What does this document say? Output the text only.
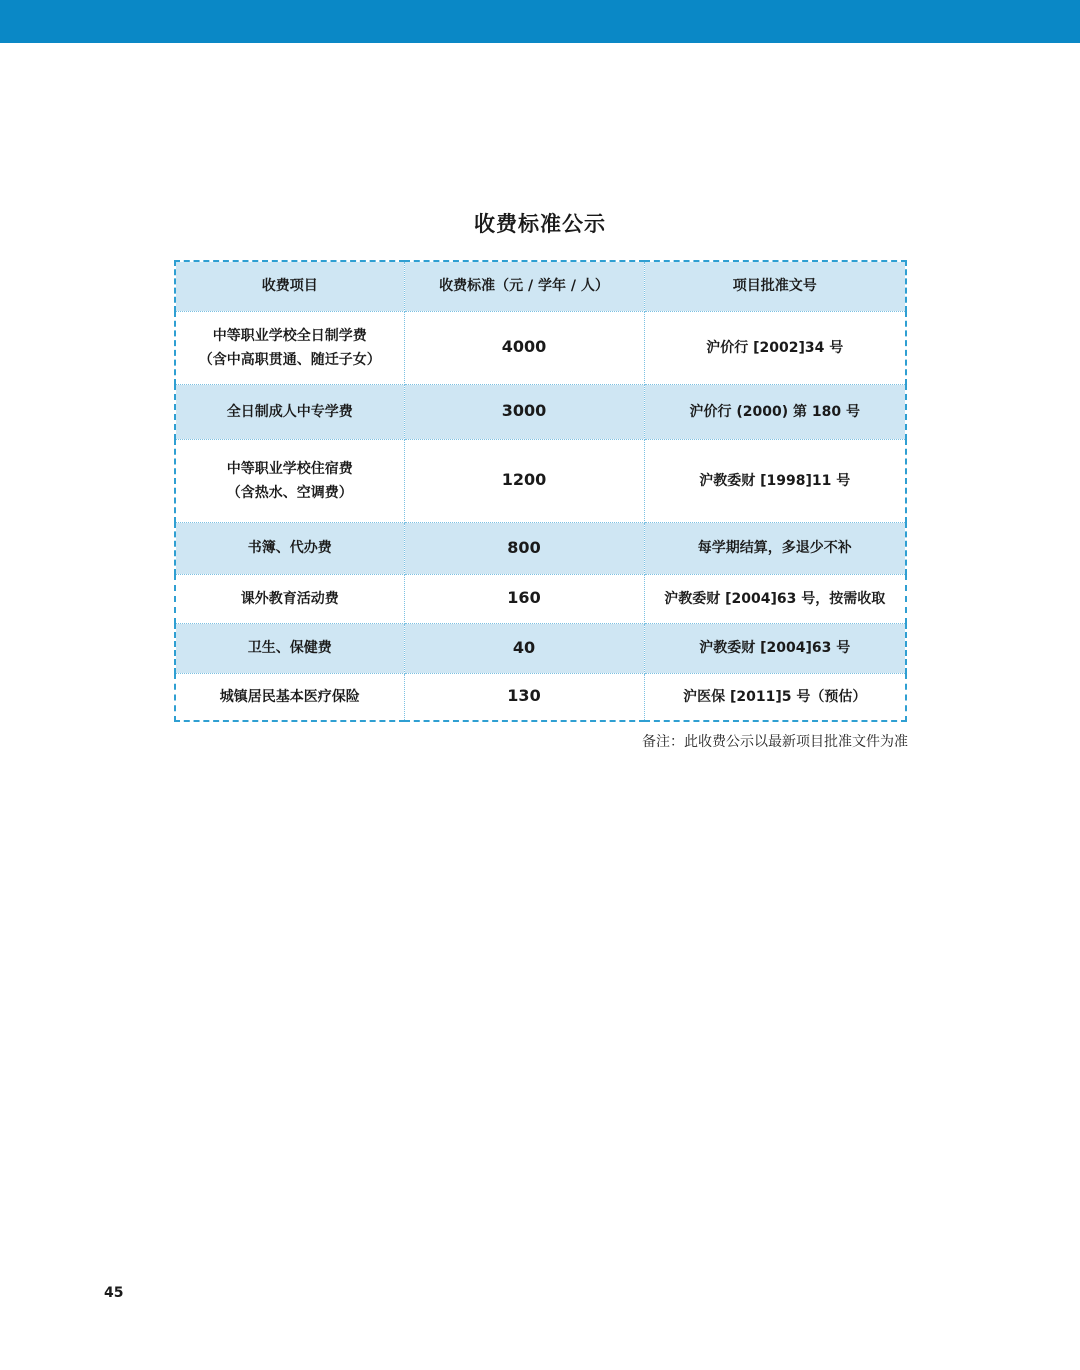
收费标准公示
收费项目	收费标准（元 / 学年 / 人）	项目批准文号

中等职业学校全日制学费
（含中高职贯通、随迁子女）	4000	沪价行 [2002]34 号

全日制成人中专学费	3000	沪价行 (2000) 第 180 号

中等职业学校住宿费
（含热水、空调费）	1200	沪教委财 [1998]11 号

书簿、代办费	800	每学期结算，多退少不补

课外教育活动费	160	沪教委财 [2004]63 号，按需收取

卫生、保健费	40	沪教委财 [2004]63 号

城镇居民基本医疗保险	130	沪医保 [2011]5 号（预估）
备注：此收费公示以最新项目批准文件为准
45
